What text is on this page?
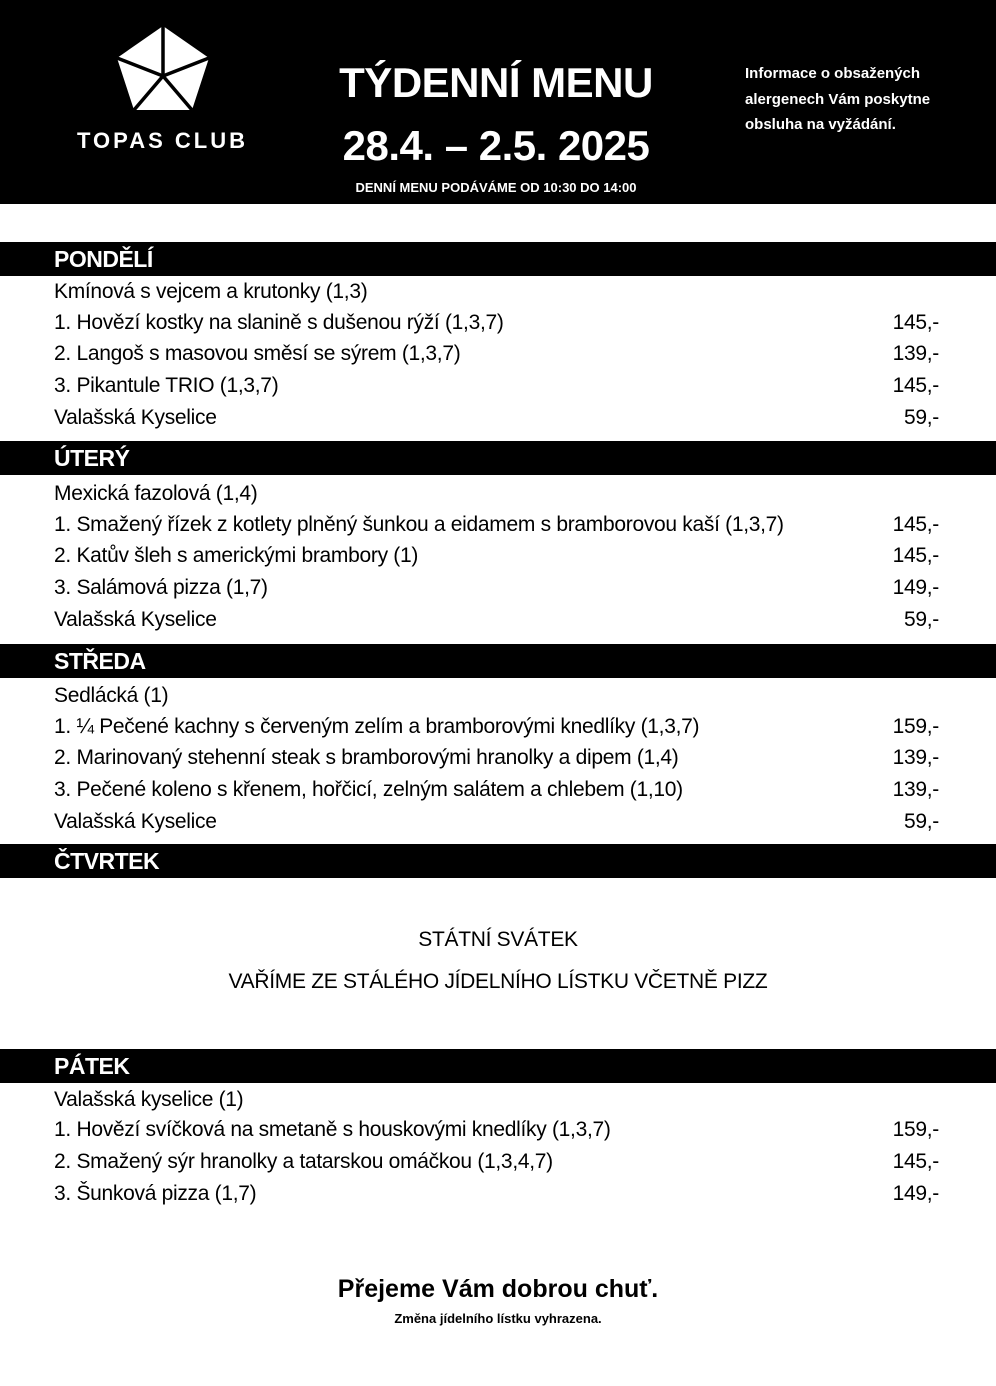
TOPAS CLUB
TÝDENNÍ MENU
28.4. – 2.5. 2025
DENNÍ MENU PODÁVÁME OD 10:30 DO 14:00
Informace o obsažených
alergenech Vám poskytne
obsluha na vyžádání.
PONDĚLÍ
Kmínová s vejcem a krutonky (1,3)
1. Hovězí kostky na slanině s dušenou rýží (1,3,7)	145,-
2. Langoš s masovou směsí se sýrem (1,3,7)	139,-
3. Pikantule TRIO (1,3,7)	145,-
Valašská Kyselice	59,-
ÚTERÝ
Mexická fazolová (1,4)
1. Smažený řízek z kotlety plněný šunkou a eidamem s bramborovou kaší (1,3,7)	145,-
2. Katův šleh s americkými brambory (1)	145,-
3. Salámová pizza (1,7)	149,-
Valašská Kyselice	59,-
STŘEDA
Sedlácká (1)
1. ¼ Pečené kachny s červeným zelím a bramborovými knedlíky (1,3,7)	159,-
2. Marinovaný stehenní steak s bramborovými hranolky a dipem (1,4)	139,-
3. Pečené koleno s křenem, hořčicí, zelným salátem a chlebem (1,10)	139,-
Valašská Kyselice	59,-
ČTVRTEK
STÁTNÍ SVÁTEK
VAŘÍME ZE STÁLÉHO JÍDELNÍHO LÍSTKU VČETNĚ PIZZ
PÁTEK
Valašská kyselice (1)
1. Hovězí svíčková na smetaně s houskovými knedlíky (1,3,7)	159,-
2. Smažený sýr hranolky a tatarskou omáčkou (1,3,4,7)	145,-
3. Šunková pizza (1,7)	149,-
Přejeme Vám dobrou chuť.
Změna jídelního lístku vyhrazena.
